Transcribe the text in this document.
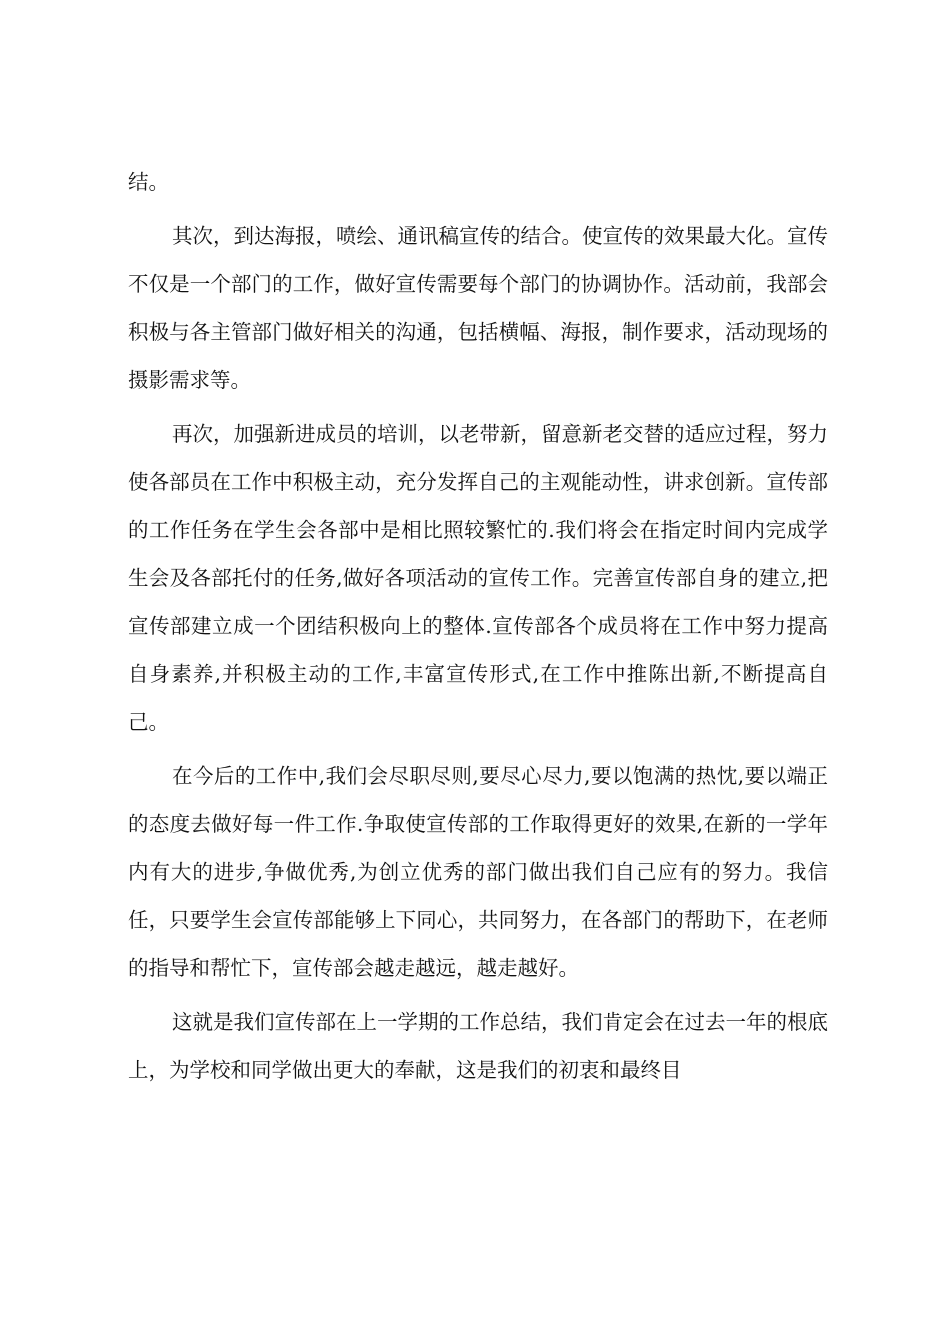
结。

其次，到达海报，喷绘、通讯稿宣传的结合。使宣传的效果最大化。宣传不仅是一个部门的工作，做好宣传需要每个部门的协调协作。活动前，我部会积极与各主管部门做好相关的沟通，包括横幅、海报，制作要求，活动现场的摄影需求等。

再次，加强新进成员的培训，以老带新，留意新老交替的适应过程，努力使各部员在工作中积极主动，充分发挥自己的主观能动性，讲求创新。宣传部的工作任务在学生会各部中是相比照较繁忙的.我们将会在指定时间内完成学生会及各部托付的任务,做好各项活动的宣传工作。完善宣传部自身的建立,把宣传部建立成一个团结积极向上的整体.宣传部各个成员将在工作中努力提高自身素养,并积极主动的工作,丰富宣传形式,在工作中推陈出新,不断提高自己。

在今后的工作中,我们会尽职尽则,要尽心尽力,要以饱满的热忱,要以端正的态度去做好每一件工作.争取使宣传部的工作取得更好的效果,在新的一学年内有大的进步,争做优秀,为创立优秀的部门做出我们自己应有的努力。我信任，只要学生会宣传部能够上下同心，共同努力，在各部门的帮助下，在老师的指导和帮忙下，宣传部会越走越远，越走越好。

这就是我们宣传部在上一学期的工作总结，我们肯定会在过去一年的根底上，为学校和同学做出更大的奉献，这是我们的初衷和最终目
